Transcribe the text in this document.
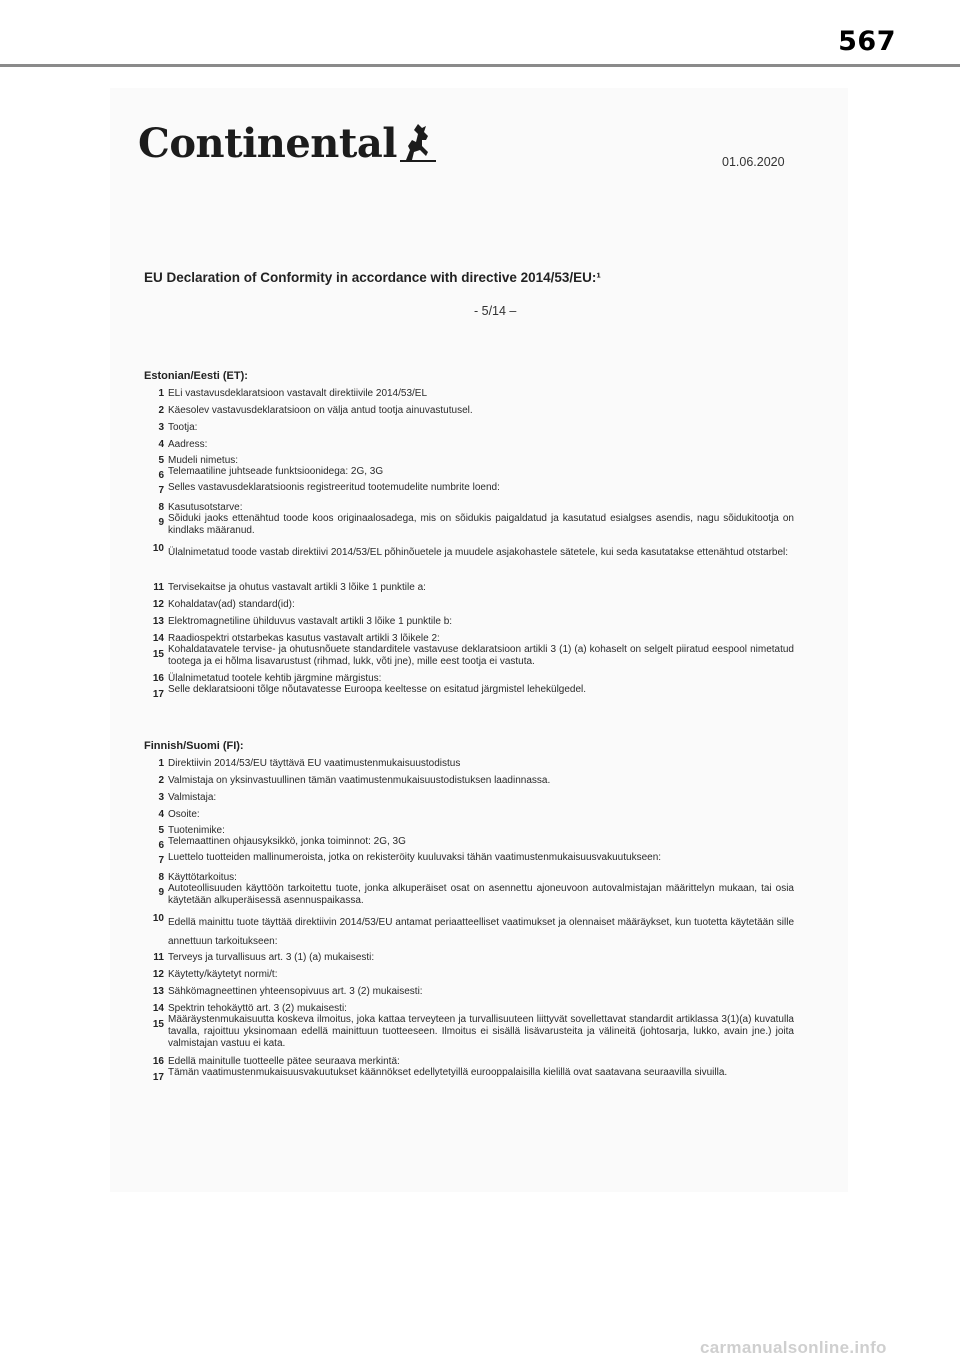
567
Continental	01.06.2020
EU Declaration of Conformity in accordance with directive 2014/53/EU:¹
- 5/14 –
Estonian/Eesti (ET):
1 ELi vastavusdeklaratsioon vastavalt direktiivile 2014/53/EL
2 Käesolev vastavusdeklaratsioon on välja antud tootja ainuvastutusel.
3 Tootja:
4 Aadress:
5 Mudeli nimetus:
6 Telemaatiline juhtseade funktsioonidega: 2G, 3G
7 Selles vastavusdeklaratsioonis registreeritud tootemudelite numbrite loend:
8 Kasutusotstarve:
9 Sõiduki jaoks ettenähtud toode koos originaalosadega, mis on sõidukis paigaldatud ja kasutatud esialgses asendis, nagu sõidukitootja on kindlaks määranud.
10 Ülalnimetatud toode vastab direktiivi 2014/53/EL põhinõuetele ja muudele asjakohastele sätetele, kui seda kasutatakse ettenähtud otstarbel:
11 Tervisekaitse ja ohutus vastavalt artikli 3 lõike 1 punktile a:
12 Kohaldatav(ad) standard(id):
13 Elektromagnetiline ühilduvus vastavalt artikli 3 lõike 1 punktile b:
14 Raadiospektri otstarbekas kasutus vastavalt artikli 3 lõikele 2:
15 Kohaldatavatele tervise- ja ohutusnõuete standarditele vastavuse deklaratsioon artikli 3 (1) (a) kohaselt on selgelt piiratud eespool nimetatud tootega ja ei hõlma lisavarustust (rihmad, lukk, võti jne), mille eest tootja ei vastuta.
16 Ülalnimetatud tootele kehtib järgmine märgistus:
17 Selle deklaratsiooni tõlge nõutavatesse Euroopa keeltesse on esitatud järgmistel lehekülgedel.
Finnish/Suomi (FI):
1 Direktiivin 2014/53/EU täyttävä EU vaatimustenmukaisuustodistus
2 Valmistaja on yksinvastuullinen tämän vaatimustenmukaisuustodistuksen laadinnassa.
3 Valmistaja:
4 Osoite:
5 Tuotenimike:
6 Telemaattinen ohjausyksikkö, jonka toiminnot: 2G, 3G
7 Luettelo tuotteiden mallinumeroista, jotka on rekisteröity kuuluvaksi tähän vaatimustenmukaisuusvakuutukseen:
8 Käyttötarkoitus:
9 Autoteollisuuden käyttöön tarkoitettu tuote, jonka alkuperäiset osat on asennettu ajoneuvoon autovalmistajan määrittelyn mukaan, tai osia käytetään alkuperäisessä asennuspaikassa.
10 Edellä mainittu tuote täyttää direktiivin 2014/53/EU antamat periaatteelliset vaatimukset ja olennaiset määräykset, kun tuotetta käytetään sille annettuun tarkoitukseen:
11 Terveys ja turvallisuus art. 3 (1) (a) mukaisesti:
12 Käytetty/käytetyt normi/t:
13 Sähkömagneettinen yhteensopivuus art. 3 (2) mukaisesti:
14 Spektrin tehokäyttö art. 3 (2) mukaisesti:
15 Määräystenmukaisuutta koskeva ilmoitus, joka kattaa terveyteen ja turvallisuuteen liittyvät sovellettavat standardit artiklassa 3(1)(a) kuvatulla tavalla, rajoittuu yksinomaan edellä mainittuun tuotteeseen. Ilmoitus ei sisällä lisävarusteita ja välineitä (johtosarja, lukko, avain jne.) joita valmistajan vastuu ei kata.
16 Edellä mainitulle tuotteelle pätee seuraava merkintä:
17 Tämän vaatimustenmukaisuusvakuutukset käännökset edellytetyillä eurooppalaisilla kielillä ovat saatavana seuraavilla sivuilla.
carmanualsonline.info
